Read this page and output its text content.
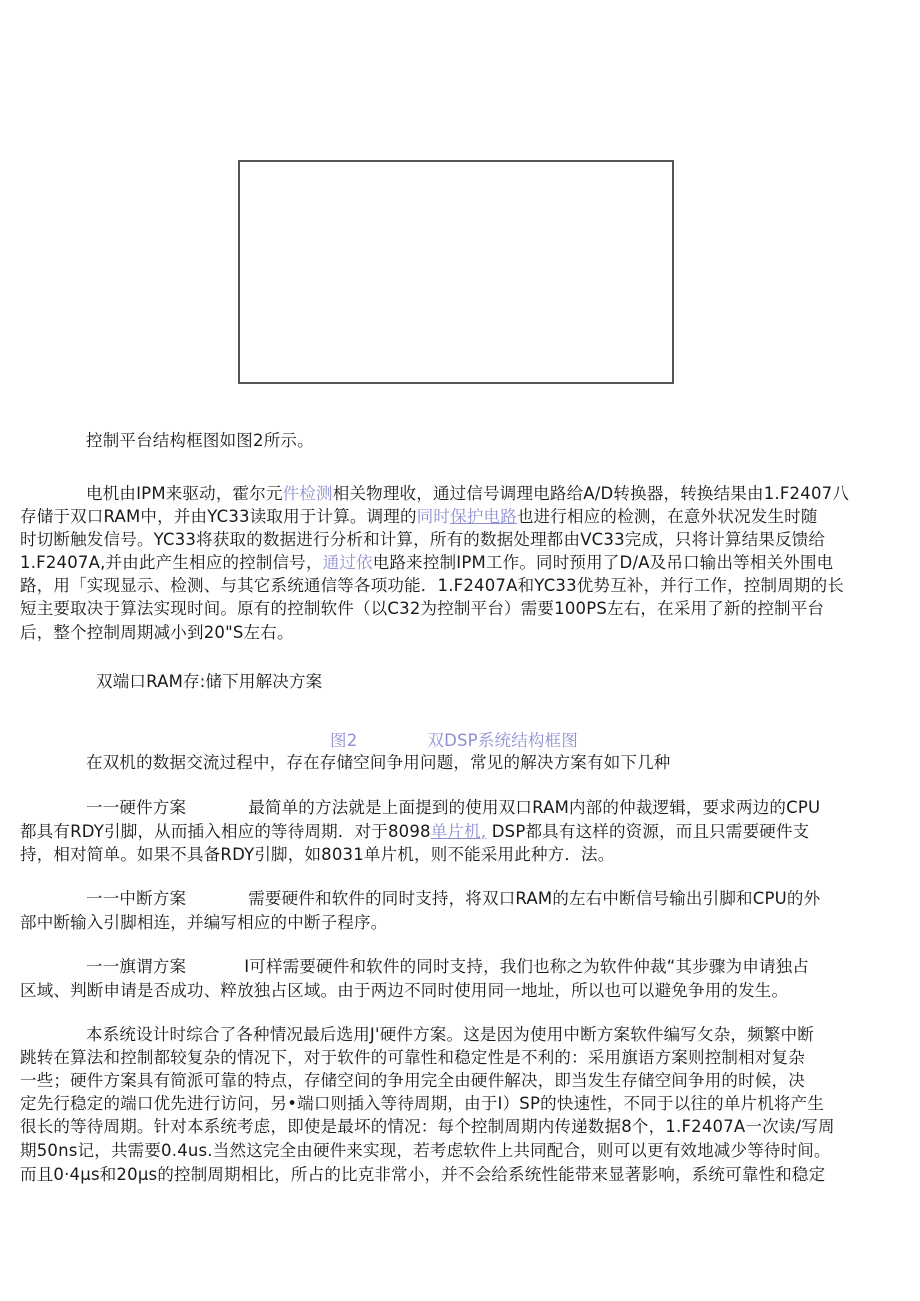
控制平台结构框图如图2所示。
电机由IPM来驱动，霍尔元件检测相关物理收，通过信号调理电路给A/D转换器，转换结果由1.F2407八
存储于双口RAM中，并由YC33读取用于计算。调理的同时保护电路也进行相应的检测，在意外状况发生时随
时切断触发信号。YC33将获取的数据进行分析和计算，所有的数据处理都由VC33完成，只将计算结果反馈给
1.F2407A,并由此产生相应的控制信号，通过依电路来控制IPM工作。同时预用了D/A及吊口输出等相关外围电
路，用「实现显示、检测、与其它系统通信等各项功能．1.F2407A和YC33优势互补，并行工作，控制周期的长
短主要取决于算法实现时间。原有的控制软件（以C32为控制平台）需要100PS左右，在采用了新的控制平台
后，整个控制周期减小到20"S左右。
双端口RAM存:储下用解决方案
图2	双DSP系统结构框图
在双机的数据交流过程中，存在存储空间争用问题，常见的解决方案有如下几种
一一硬件方案	最简单的方法就是上面提到的使用双口RAM内部的仲裁逻辑，要求两边的CPU
都具有RDY引脚，从而插入相应的等待周期．对于8098单片机, DSP都具有这样的资源，而且只需要硬件支
持，相对简单。如果不具备RDY引脚，如8031单片机，则不能采用此种方．法。
一一中断方案	需要硬件和软件的同时支持，将双口RAM的左右中断信号输出引脚和CPU的外
部中断输入引脚相连，并编写相应的中断子程序。
一一旗谓方案	I可样需要硬件和软件的同时支持，我们也称之为软件仲裁“其步骤为申请独占
区域、判断申请是否成功、粹放独占区域。由于两边不同时使用同一地址，所以也可以避免争用的发生。
本系统设计时综合了各种情况最后选用J'硬件方案。这是因为使用中断方案软件编写攵杂，频繁中断
跳转在算法和控制都较复杂的情况下，对于软件的可靠性和稳定性是不利的：采用旗语方案则控制相对复杂
一些；硬件方案具有简派可靠的特点，存储空间的争用完全由硬件解决，即当发生存储空间争用的时候，决
定先行稳定的端口优先进行访问，另•端口则插入等待周期，由于I）SP的快速性，不同于以往的单片机将产生
很长的等待周期。针对本系统考虑，即使是最坏的情况：每个控制周期内传递数据8个，1.F2407A一次读/写周
期50ns记，共需要0.4us.当然这完全由硬件来实现，若考虑软件上共同配合，则可以更有效地减少等待时间。
而且0·4μs和20μs的控制周期相比，所占的比克非常小，并不会给系统性能带来显著影响，系统可靠性和稳定
